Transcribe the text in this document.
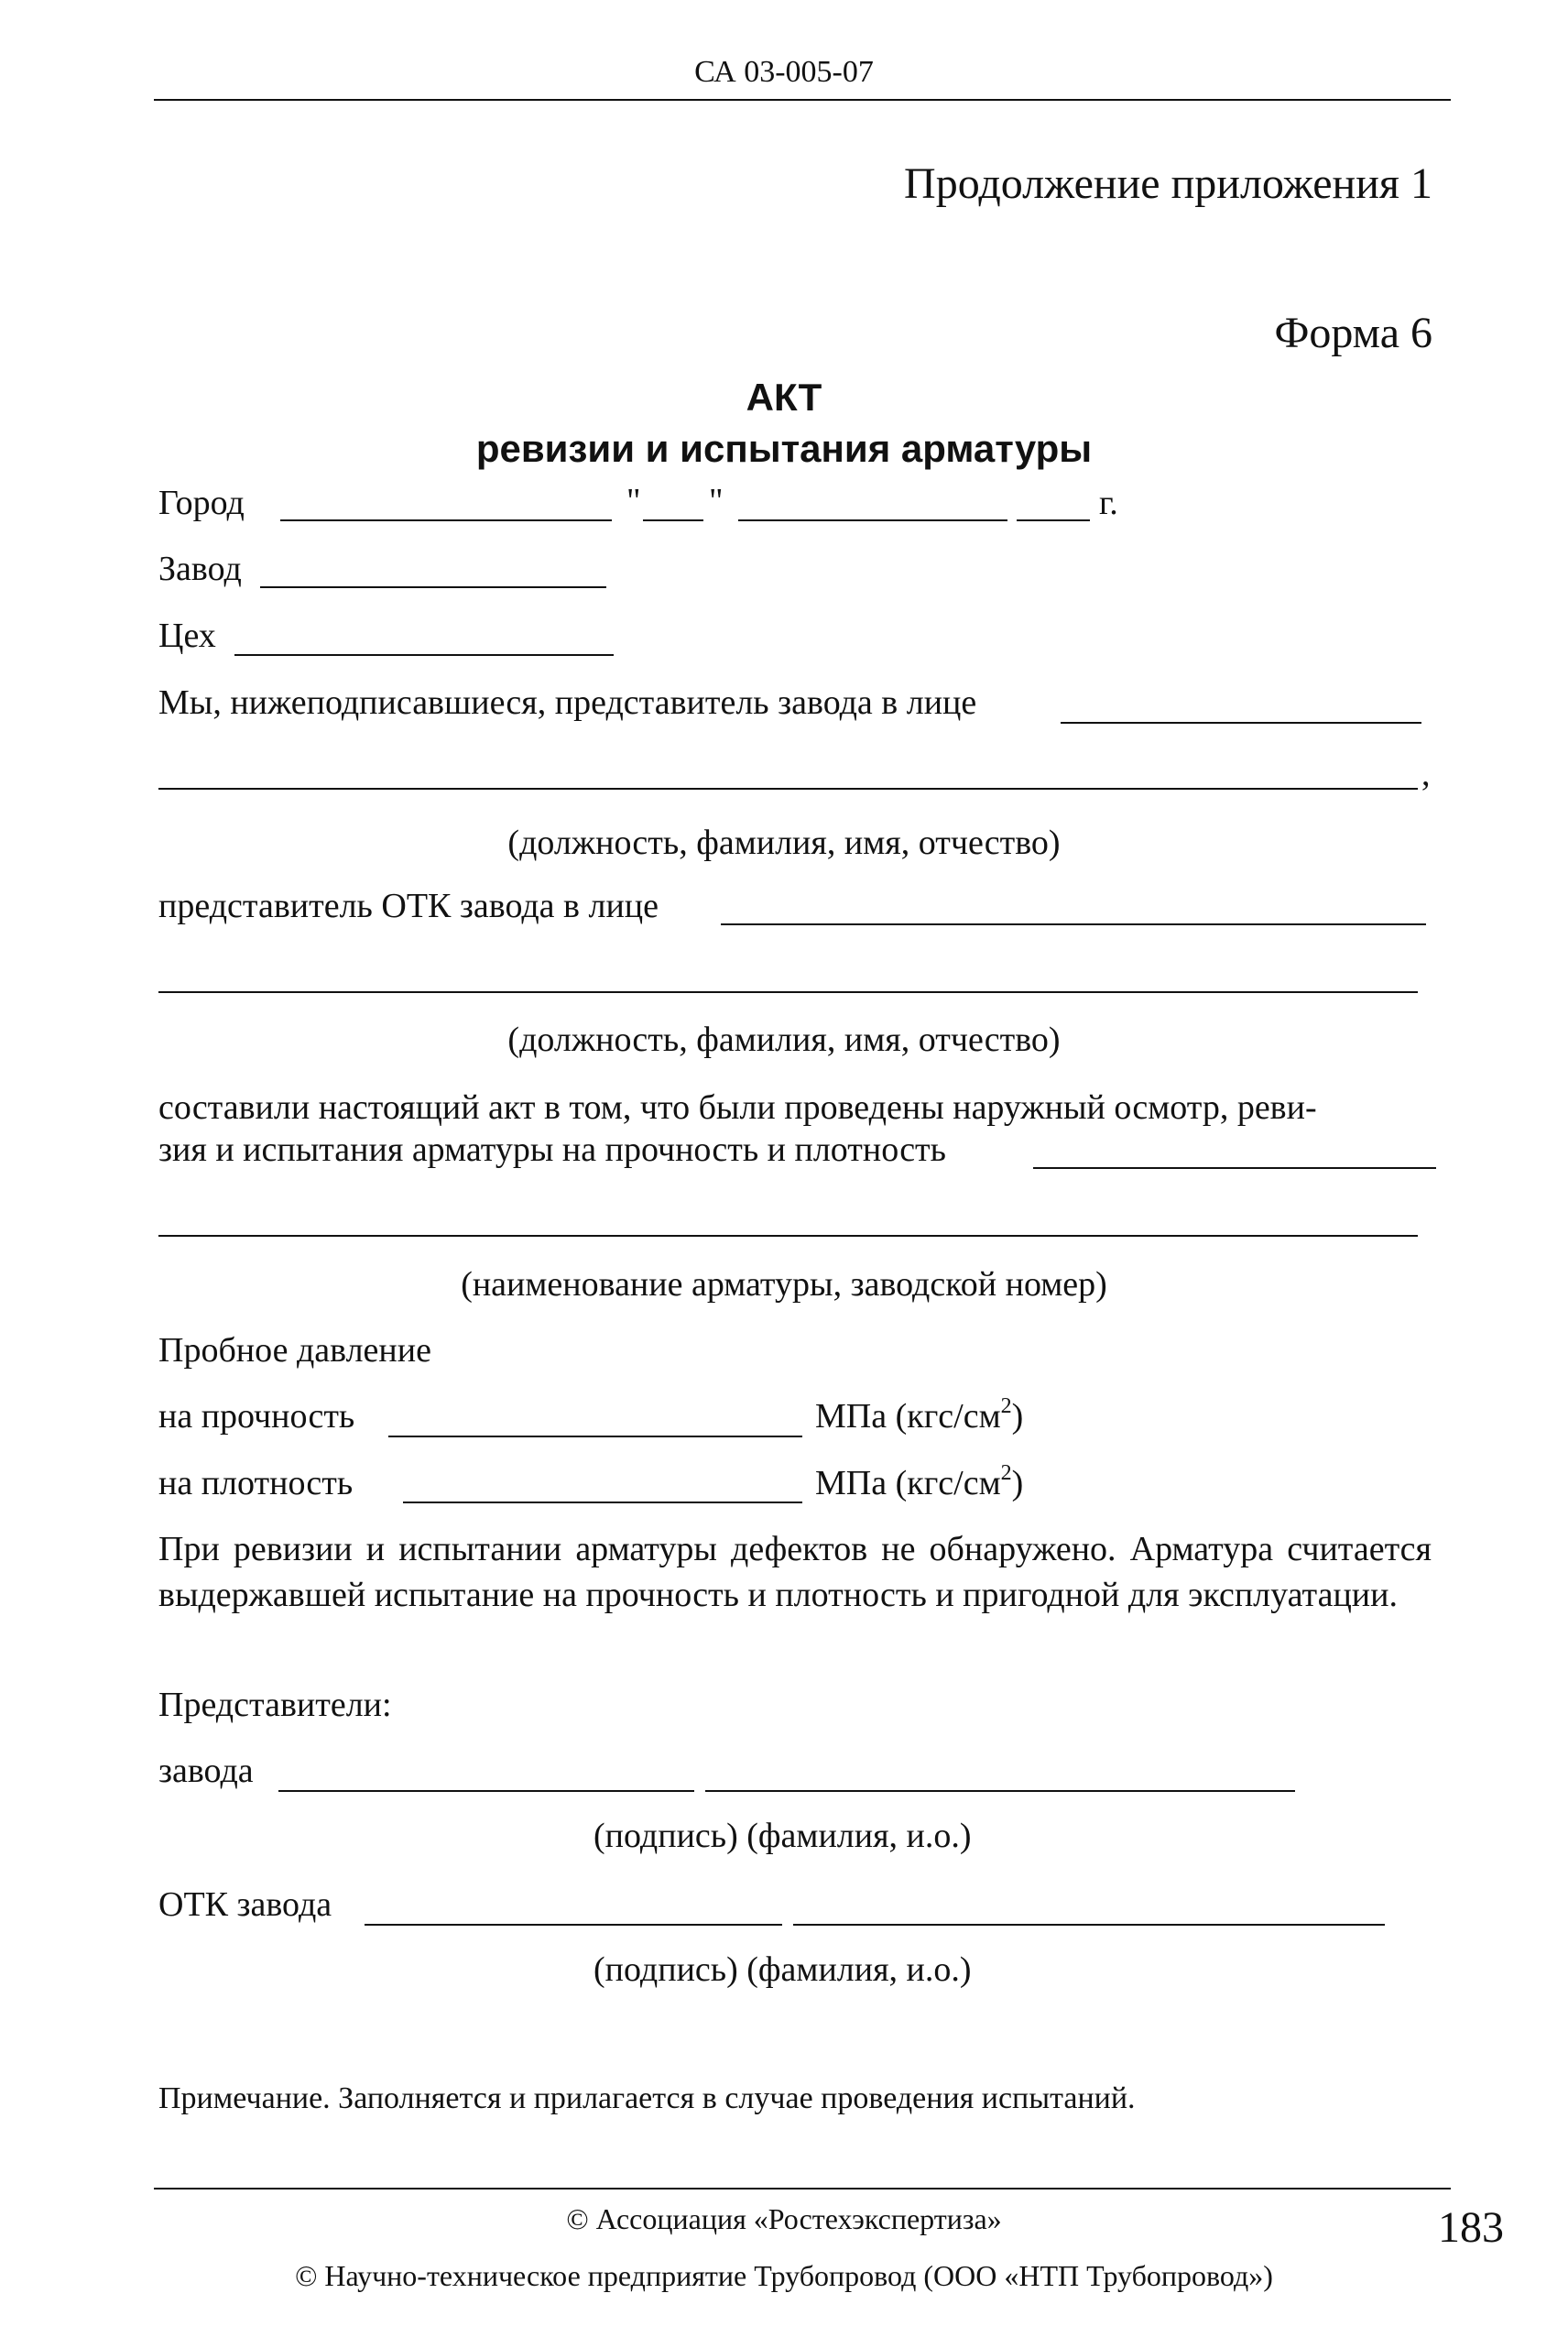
СА 03-005-07
Продолжение приложения 1
Форма 6
АКТ
ревизии и испытания арматуры
Город	" "	г.
Завод
Цех
Мы, нижеподписавшиеся, представитель завода в лице
,
(должность, фамилия, имя, отчество)
представитель ОТК завода в лице
(должность, фамилия, имя, отчество)
составили настоящий акт в том, что были проведены наружный осмотр, реви-
зия и испытания арматуры на прочность и плотность
(наименование арматуры, заводской номер)
Пробное давление
на прочность	МПа $(кгс/см^2)$
на плотность	МПа $(кгс/см^2)$
При ревизии и испытании арматуры дефектов не обнаружено. Арматура считается выдержавшей испытание на прочность и плотность и пригодной для эксплуатации.
Представители:
завода
(подпись) (фамилия, и.о.)
ОТК завода
(подпись) (фамилия, и.о.)
Примечание. Заполняется и прилагается в случае проведения испытаний.
© Ассоциация «Ростехэкспертиза»
© Научно-техническое предприятие Трубопровод (ООО «НТП Трубопровод»)
183
